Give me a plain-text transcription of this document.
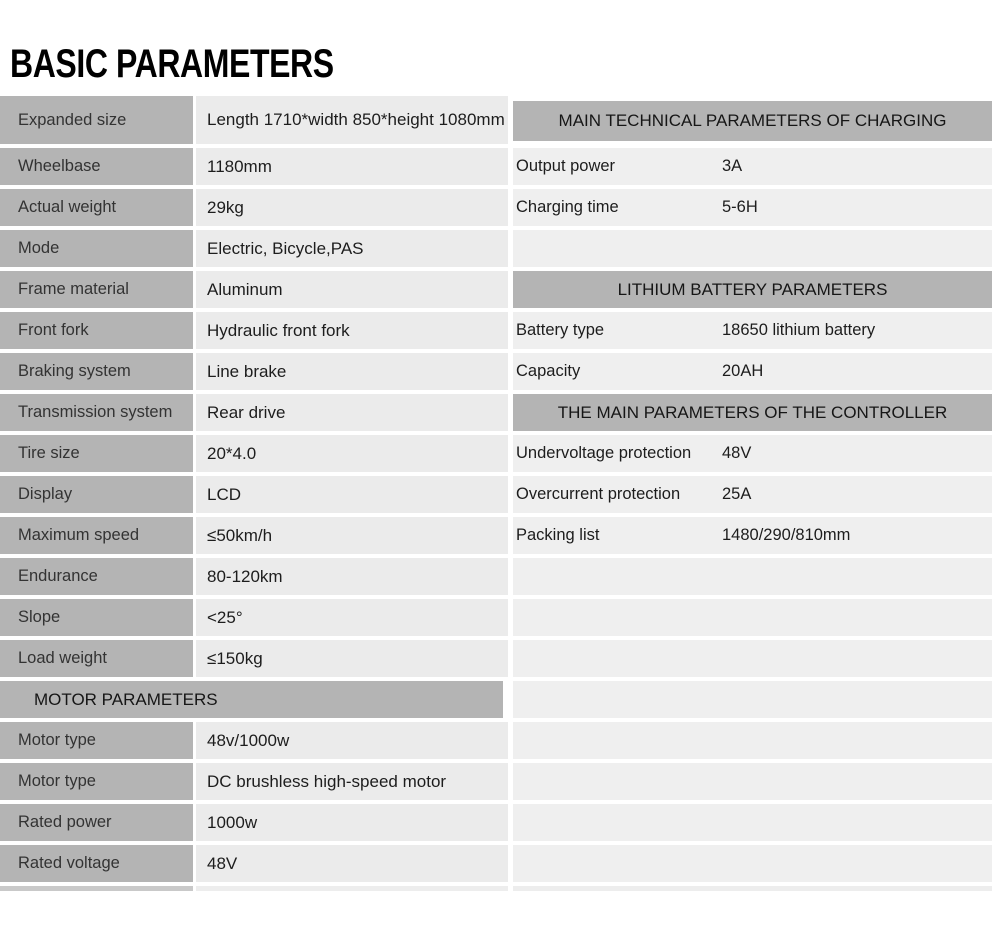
BASIC PARAMETERS
Expanded size	Length 1710*width 850*height 1080mm	MAIN TECHNICAL PARAMETERS OF CHARGING
Wheelbase	1180mm	Output power	3A
Actual weight	29kg	Charging time	5-6H
Mode	Electric, Bicycle,PAS
Frame material	Aluminum	LITHIUM BATTERY PARAMETERS
Front fork	Hydraulic front fork	Battery type	18650 lithium battery
Braking system	Line brake	Capacity	20AH
Transmission system	Rear drive	THE MAIN PARAMETERS OF THE CONTROLLER
Tire size	20*4.0	Undervoltage protection 48V
Display	LCD	Overcurrent protection	25A
Maximum speed	≤50km/h	Packing list	1480/290/810mm
Endurance	80-120km
Slope	<25°
Load weight	≤150kg
MOTOR PARAMETERS
Motor type	48v/1000w
Motor type	DC brushless high-speed motor
Rated power	1000w
Rated voltage	48V
